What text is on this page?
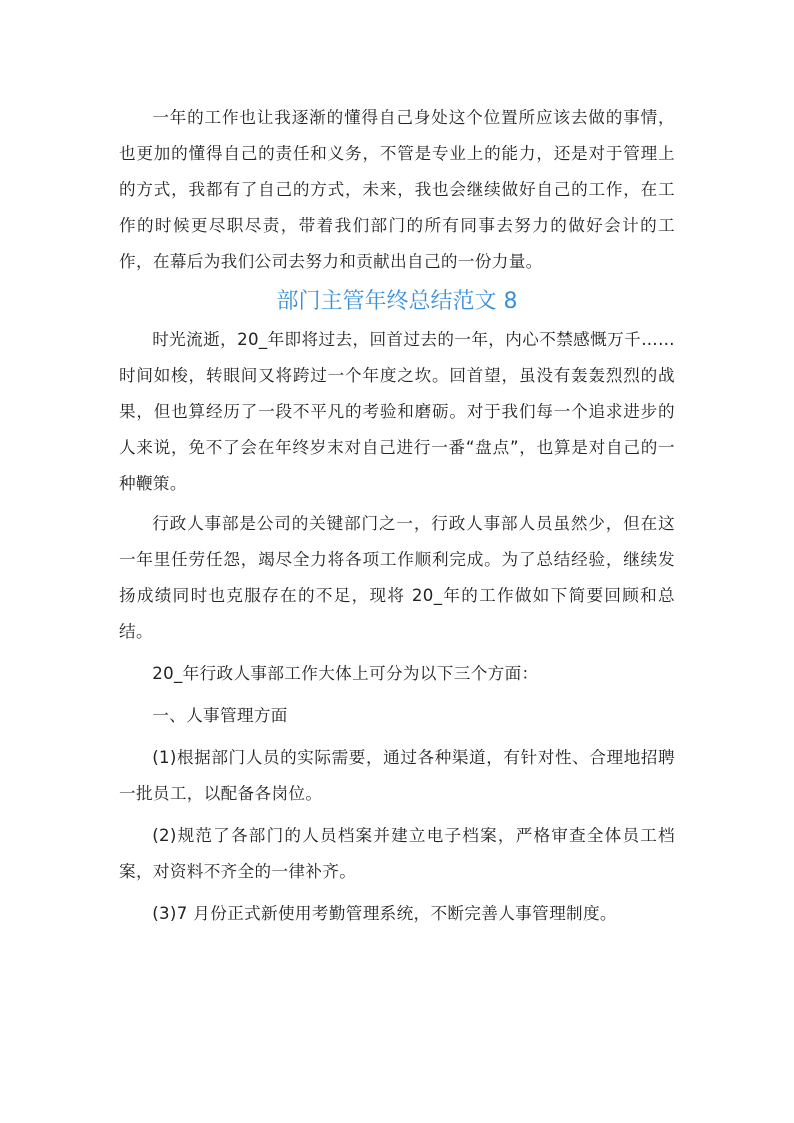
一年的工作也让我逐渐的懂得自己身处这个位置所应该去做的事情，也更加的懂得自己的责任和义务，不管是专业上的能力，还是对于管理上的方式，我都有了自己的方式，未来，我也会继续做好自己的工作，在工作的时候更尽职尽责，带着我们部门的所有同事去努力的做好会计的工作，在幕后为我们公司去努力和贡献出自己的一份力量。

部门主管年终总结范文 8

时光流逝，20_年即将过去，回首过去的一年，内心不禁感慨万千……时间如梭，转眼间又将跨过一个年度之坎。回首望，虽没有轰轰烈烈的战果，但也算经历了一段不平凡的考验和磨砺。对于我们每一个追求进步的人来说，免不了会在年终岁末对自己进行一番“盘点”，也算是对自己的一种鞭策。

行政人事部是公司的关键部门之一，行政人事部人员虽然少，但在这一年里任劳任怨，竭尽全力将各项工作顺利完成。为了总结经验，继续发扬成绩同时也克服存在的不足，现将 20_年的工作做如下简要回顾和总结。

20_年行政人事部工作大体上可分为以下三个方面：

一、人事管理方面

(1)根据部门人员的实际需要，通过各种渠道，有针对性、合理地招聘一批员工，以配备各岗位。

(2)规范了各部门的人员档案并建立电子档案，严格审查全体员工档案，对资料不齐全的一律补齐。

(3)7 月份正式新使用考勤管理系统，不断完善人事管理制度。
